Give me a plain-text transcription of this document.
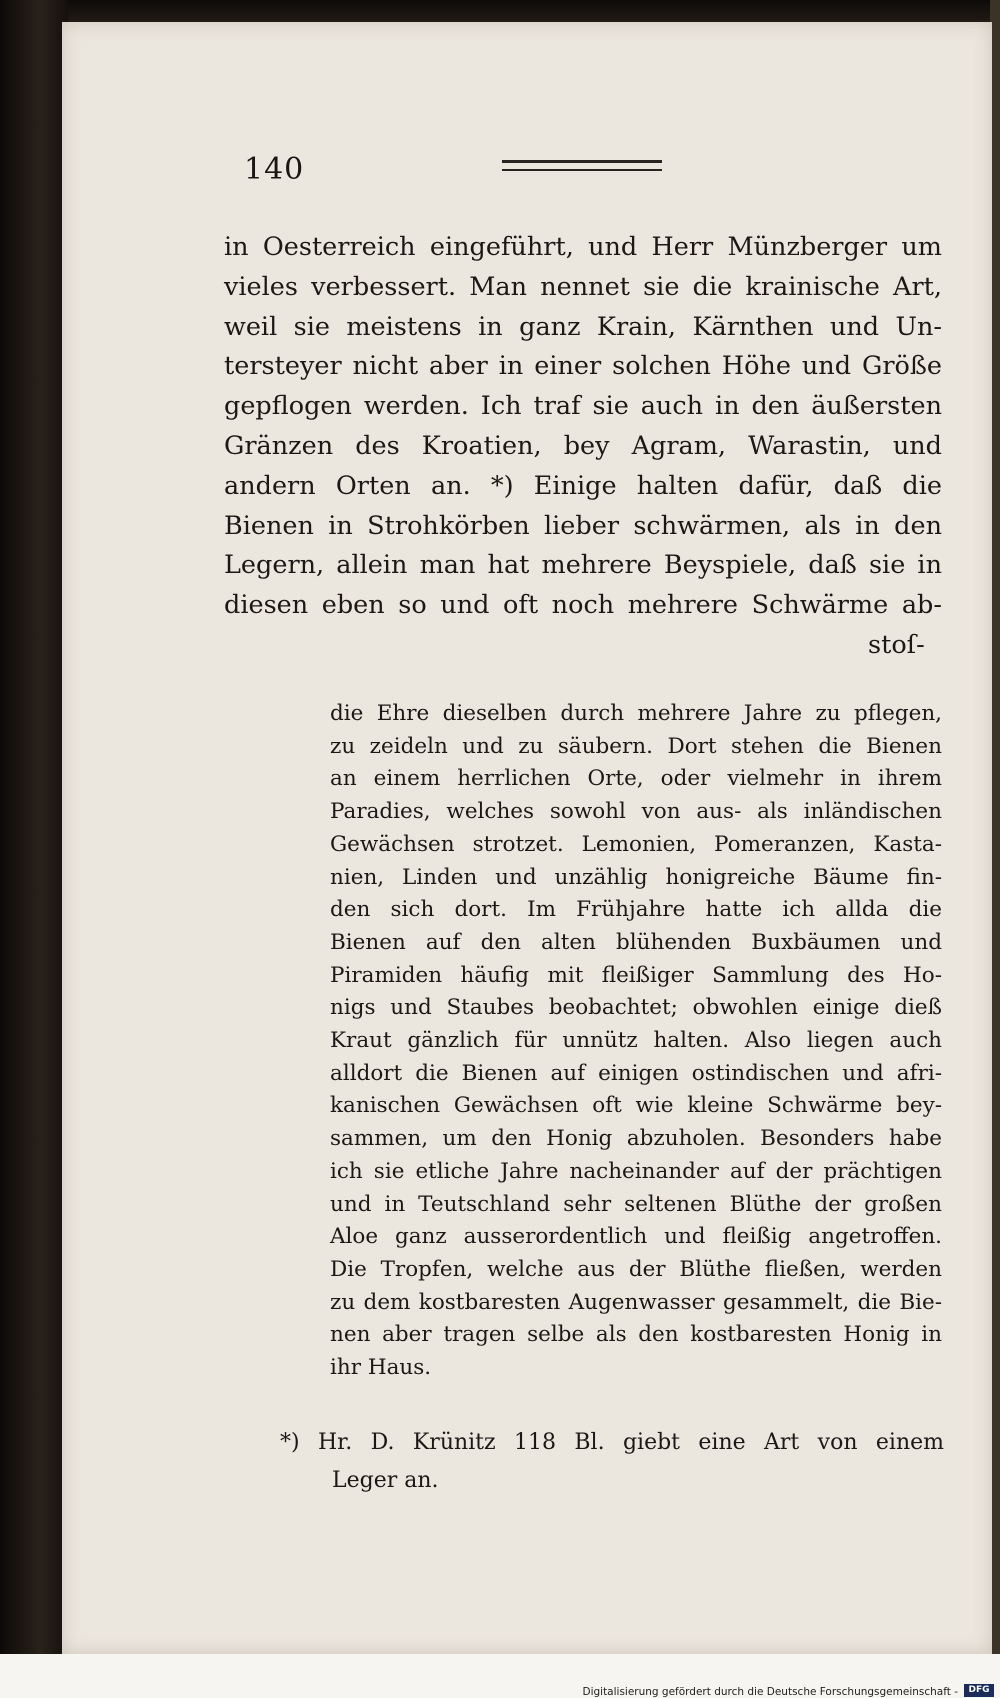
140
in Oesterreich eingeführt, und Herr Münzberger um
vieles verbessert. Man nennet sie die krainische Art,
weil sie meistens in ganz Krain, Kärnthen und Un-
tersteyer nicht aber in einer solchen Höhe und Größe
gepflogen werden. Ich traf sie auch in den äußersten
Gränzen des Kroatien, bey Agram, Warastin, und
andern Orten an. *) Einige halten dafür, daß die
Bienen in Strohkörben lieber schwärmen, als in den
Legern, allein man hat mehrere Beyspiele, daß sie in
diesen eben so und oft noch mehrere Schwärme ab-
stoſ-
die Ehre dieselben durch mehrere Jahre zu pflegen,
zu zeideln und zu säubern. Dort stehen die Bienen
an einem herrlichen Orte, oder vielmehr in ihrem
Paradies, welches sowohl von aus- als inländischen
Gewächsen strotzet. Lemonien, Pomeranzen, Kasta-
nien, Linden und unzählig honigreiche Bäume fin-
den sich dort. Im Frühjahre hatte ich allda die
Bienen auf den alten blühenden Buxbäumen und
Piramiden häufig mit fleißiger Sammlung des Ho-
nigs und Staubes beobachtet; obwohlen einige dieß
Kraut gänzlich für unnütz halten. Also liegen auch
alldort die Bienen auf einigen ostindischen und afri-
kanischen Gewächsen oft wie kleine Schwärme bey-
sammen, um den Honig abzuholen. Besonders habe
ich sie etliche Jahre nacheinander auf der prächtigen
und in Teutschland sehr seltenen Blüthe der großen
Aloe ganz ausserordentlich und fleißig angetroffen.
Die Tropfen, welche aus der Blüthe fließen, werden
zu dem kostbaresten Augenwasser gesammelt, die Bie-
nen aber tragen selbe als den kostbaresten Honig in
ihr Haus.
*) Hr. D. Krünitz 118 Bl. giebt eine Art von einem
Leger an.
Digitalisierung gefördert durch die Deutsche Forschungsgemeinschaft -	DFG
